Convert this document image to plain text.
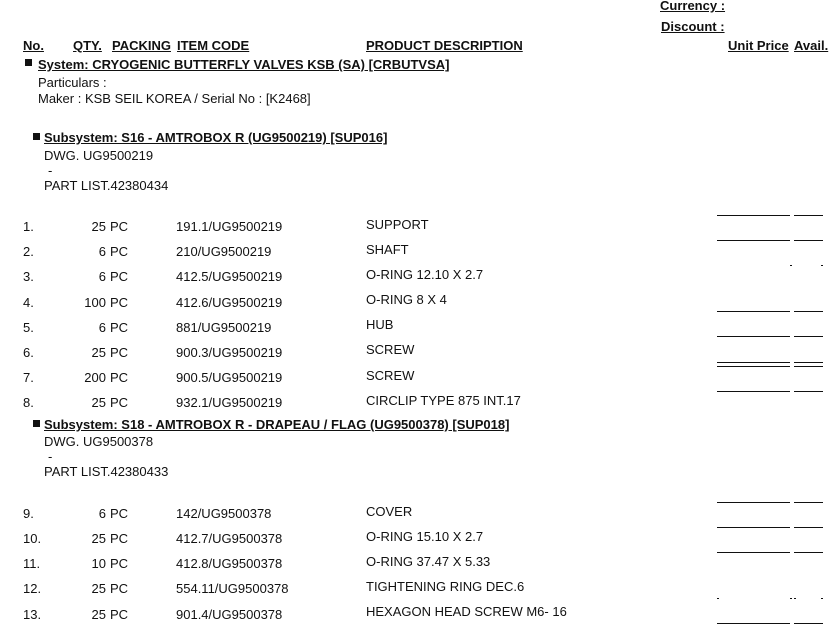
Currency :
Discount :
No. QTY. PACKING ITEM CODE	PRODUCT DESCRIPTION	Unit Price Avail.
System: CRYOGENIC BUTTERFLY VALVES KSB (SA) [CRBUTVSA]
Particulars :
Maker : KSB SEIL KOREA / Serial No : [K2468]
Subsystem: S16 - AMTROBOX R (UG9500219) [SUP016]
DWG. UG9500219
-
PART LIST.42380434
1.	25 PC	191.1/UG9500219	SUPPORT
2.	6 PC	210/UG9500219	SHAFT
3.	6 PC	412.5/UG9500219	O-RING 12.10 X 2.7
4.	100 PC	412.6/UG9500219	O-RING 8 X 4
5.	6 PC	881/UG9500219	HUB
6.	25 PC	900.3/UG9500219	SCREW
7.	200 PC	900.5/UG9500219	SCREW
8.	25 PC	932.1/UG9500219	CIRCLIP TYPE 875 INT.17
Subsystem: S18 - AMTROBOX R - DRAPEAU / FLAG (UG9500378) [SUP018]
DWG. UG9500378
-
PART LIST.42380433
9.	6 PC	142/UG9500378	COVER
10.	25 PC	412.7/UG9500378	O-RING 15.10 X 2.7
11.	10 PC	412.8/UG9500378	O-RING 37.47 X 5.33
12.	25 PC	554.11/UG9500378	TIGHTENING RING DEC.6
13.	25 PC	901.4/UG9500378	HEXAGON HEAD SCREW M6- 16
